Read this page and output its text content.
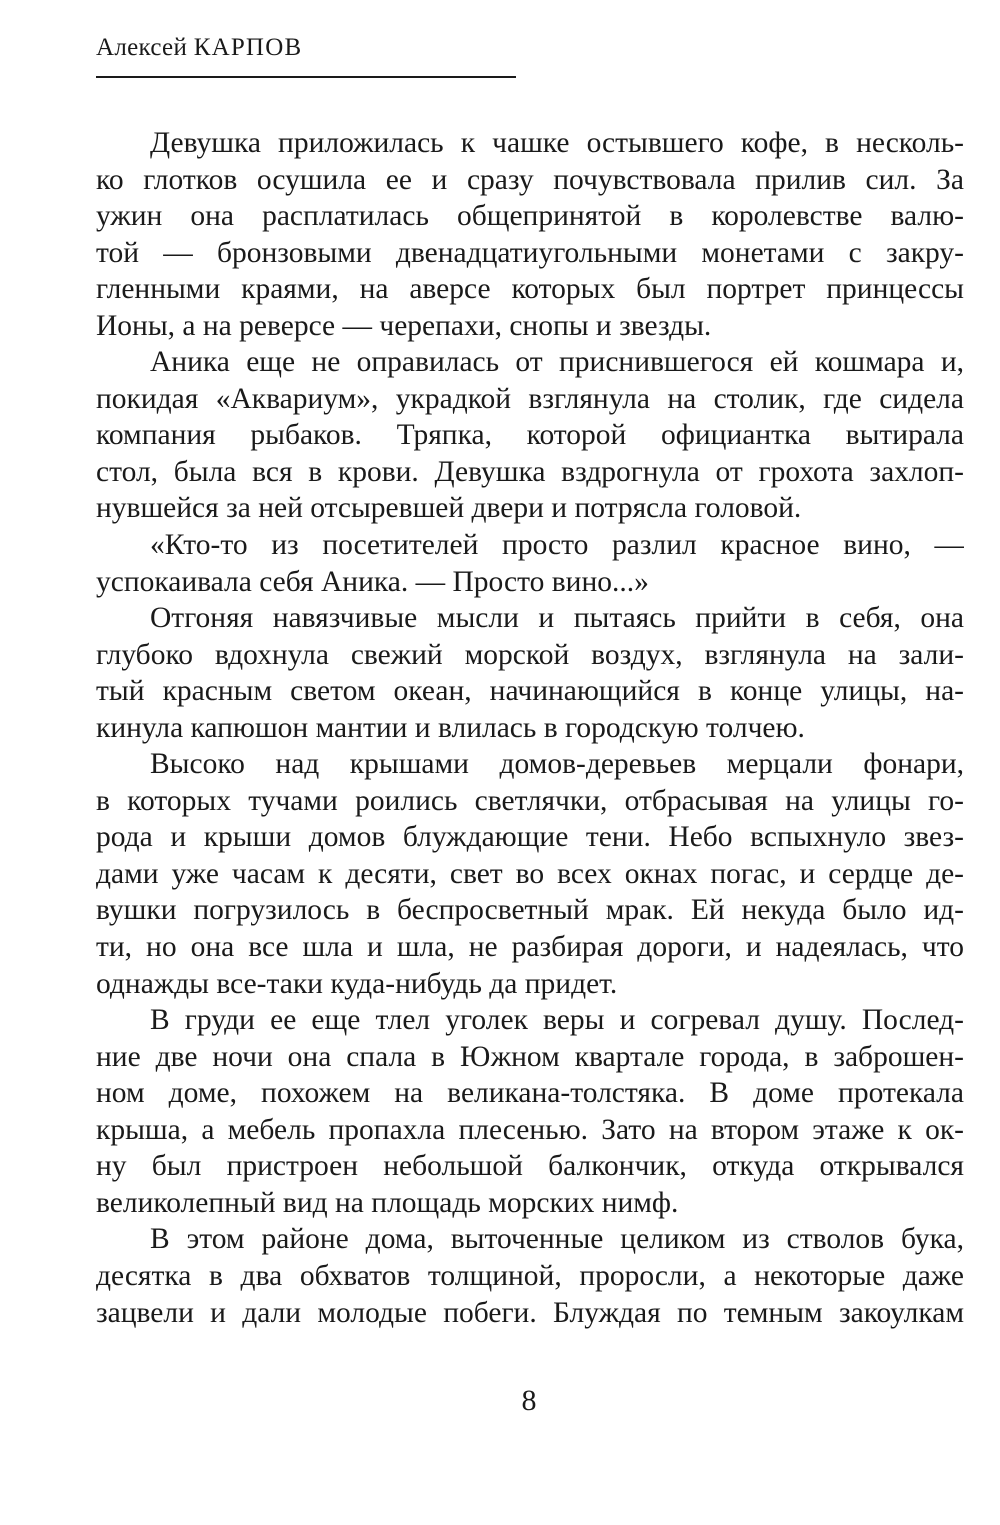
Алексей КАРПОВ
Девушка приложилась к чашке остывшего кофе, в несколь-
ко глотков осушила ее и сразу почувствовала прилив сил. За
ужин она расплатилась общепринятой в королевстве валю-
той — бронзовыми двенадцатиугольными монетами с закру-
гленными краями, на аверсе которых был портрет принцессы
Ионы, а на реверсе — черепахи, снопы и звезды.
Аника еще не оправилась от приснившегося ей кошмара и,
покидая «Аквариум», украдкой взглянула на столик, где сидела
компания рыбаков. Тряпка, которой официантка вытирала
стол, была вся в крови. Девушка вздрогнула от грохота захлоп-
нувшейся за ней отсыревшей двери и потрясла головой.
«Кто-то из посетителей просто разлил красное вино, —
успокаивала себя Аника. — Просто вино...»
Отгоняя навязчивые мысли и пытаясь прийти в себя, она
глубоко вдохнула свежий морской воздух, взглянула на зали-
тый красным светом океан, начинающийся в конце улицы, на-
кинула капюшон мантии и влилась в городскую толчею.
Высоко над крышами домов-деревьев мерцали фонари,
в которых тучами роились светлячки, отбрасывая на улицы го-
рода и крыши домов блуждающие тени. Небо вспыхнуло звез-
дами уже часам к десяти, свет во всех окнах погас, и сердце де-
вушки погрузилось в беспросветный мрак. Ей некуда было ид-
ти, но она все шла и шла, не разбирая дороги, и надеялась, что
однажды все-таки куда-нибудь да придет.
В груди ее еще тлел уголек веры и согревал душу. Послед-
ние две ночи она спала в Южном квартале города, в заброшен-
ном доме, похожем на великана-толстяка. В доме протекала
крыша, а мебель пропахла плесенью. Зато на втором этаже к ок-
ну был пристроен небольшой балкончик, откуда открывался
великолепный вид на площадь морских нимф.
В этом районе дома, выточенные целиком из стволов бука,
десятка в два обхватов толщиной, проросли, а некоторые даже
зацвели и дали молодые побеги. Блуждая по темным закоулкам
8
